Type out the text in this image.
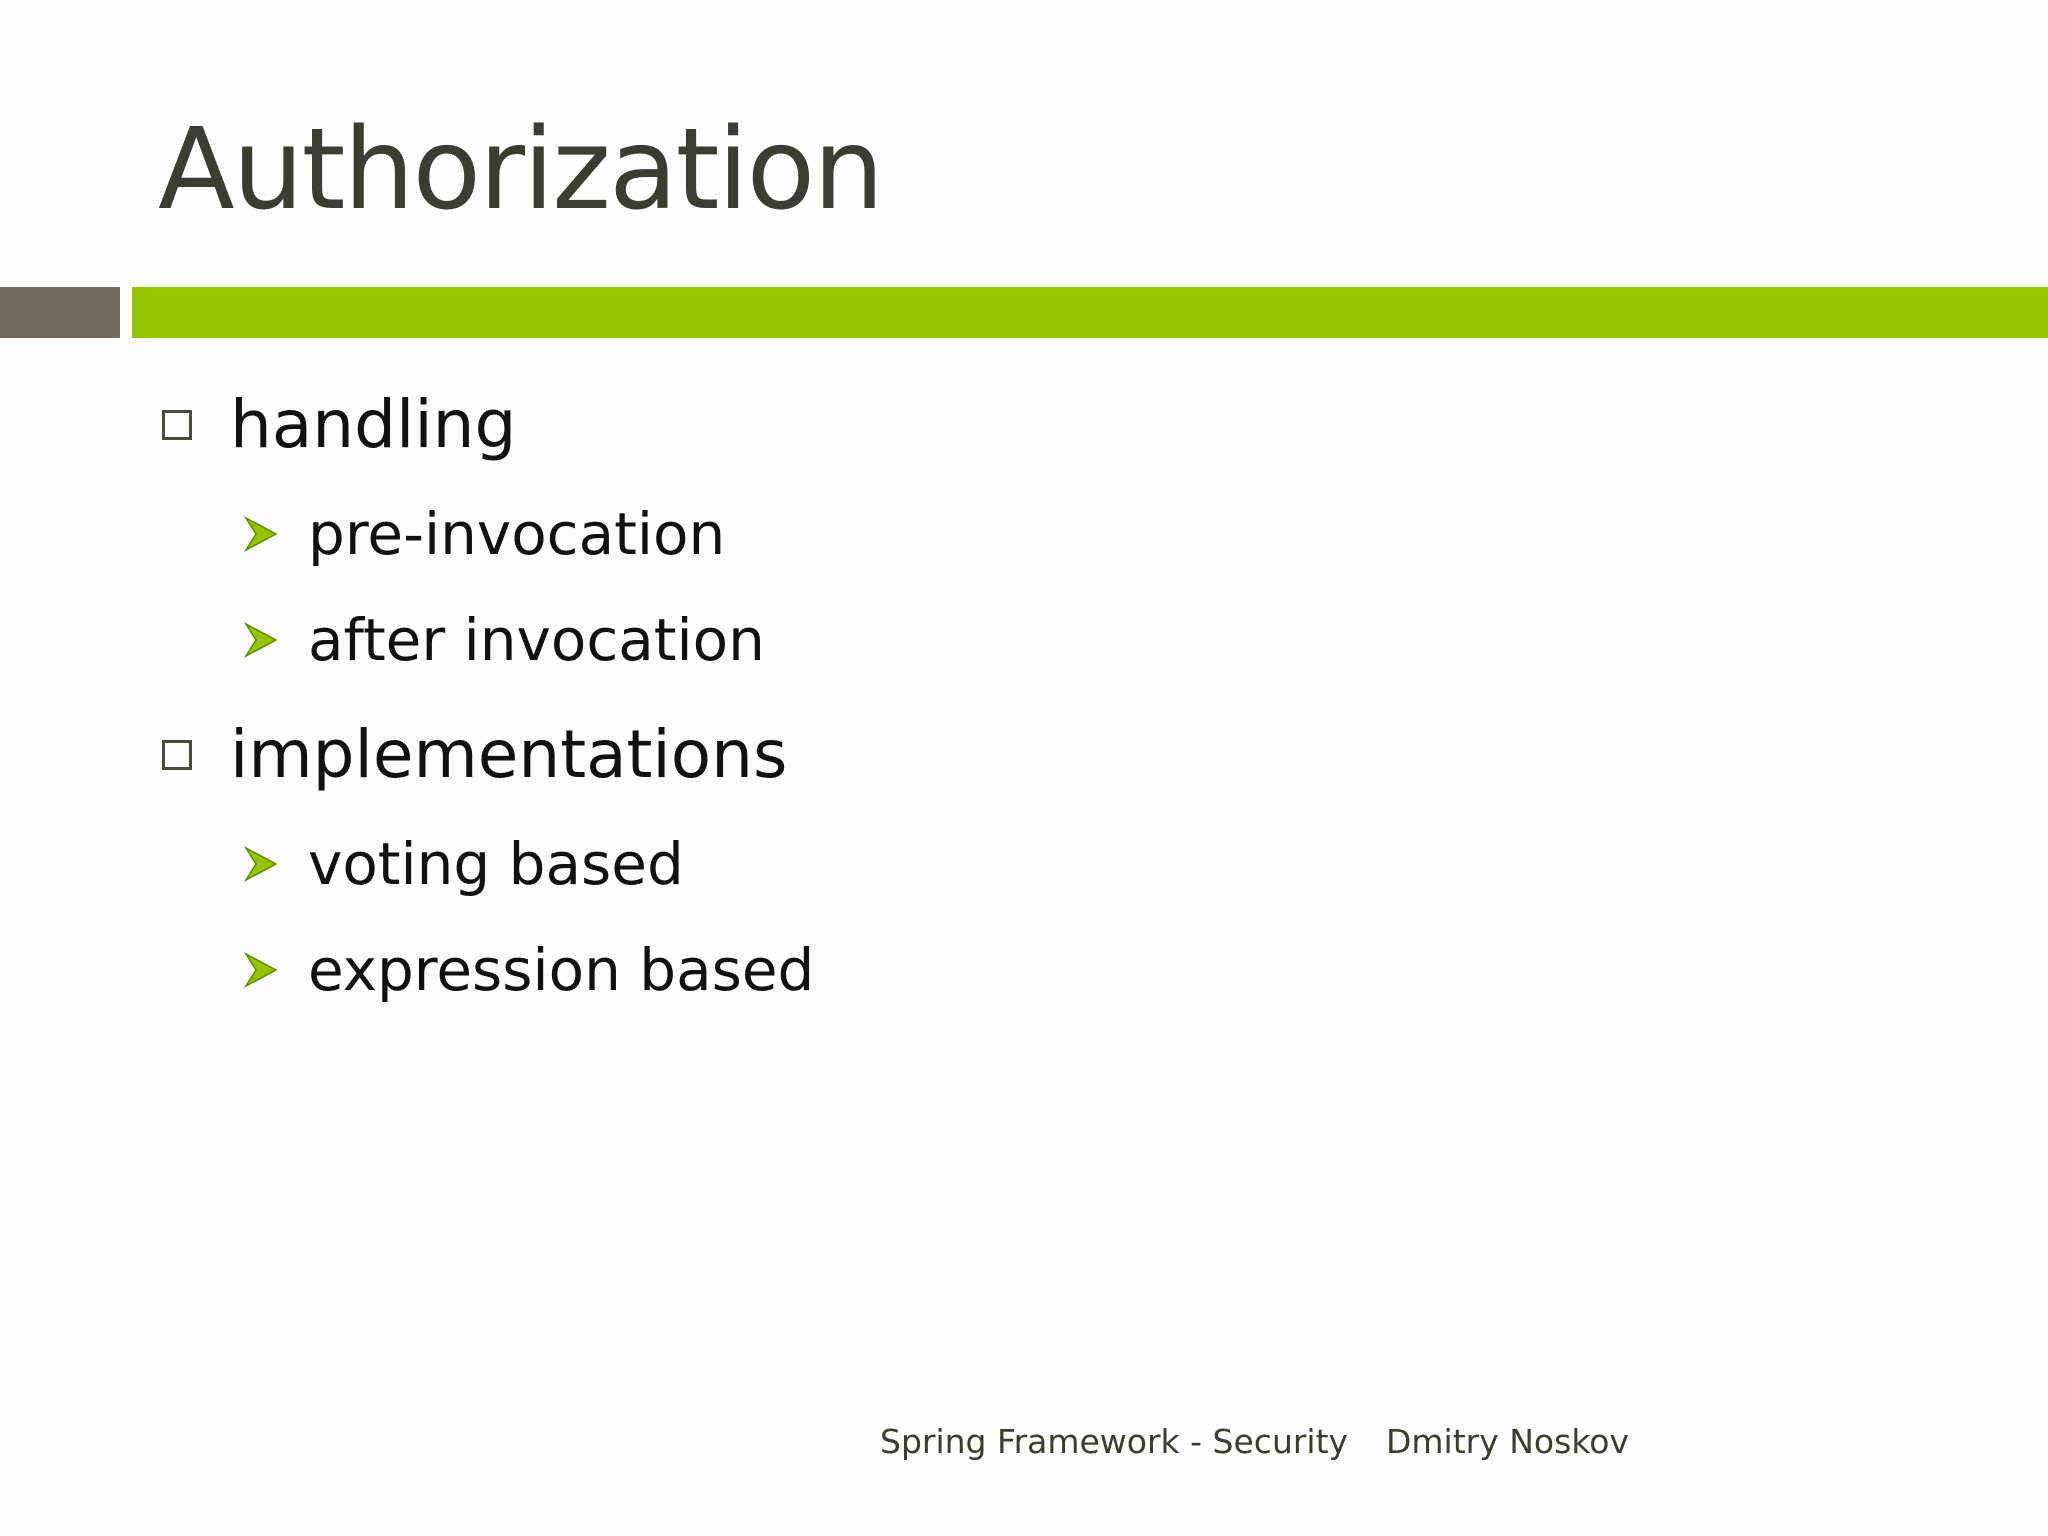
Authorization
handling
pre-invocation
after invocation
implementations
voting based
expression based
Spring Framework - Security Dmitry Noskov
